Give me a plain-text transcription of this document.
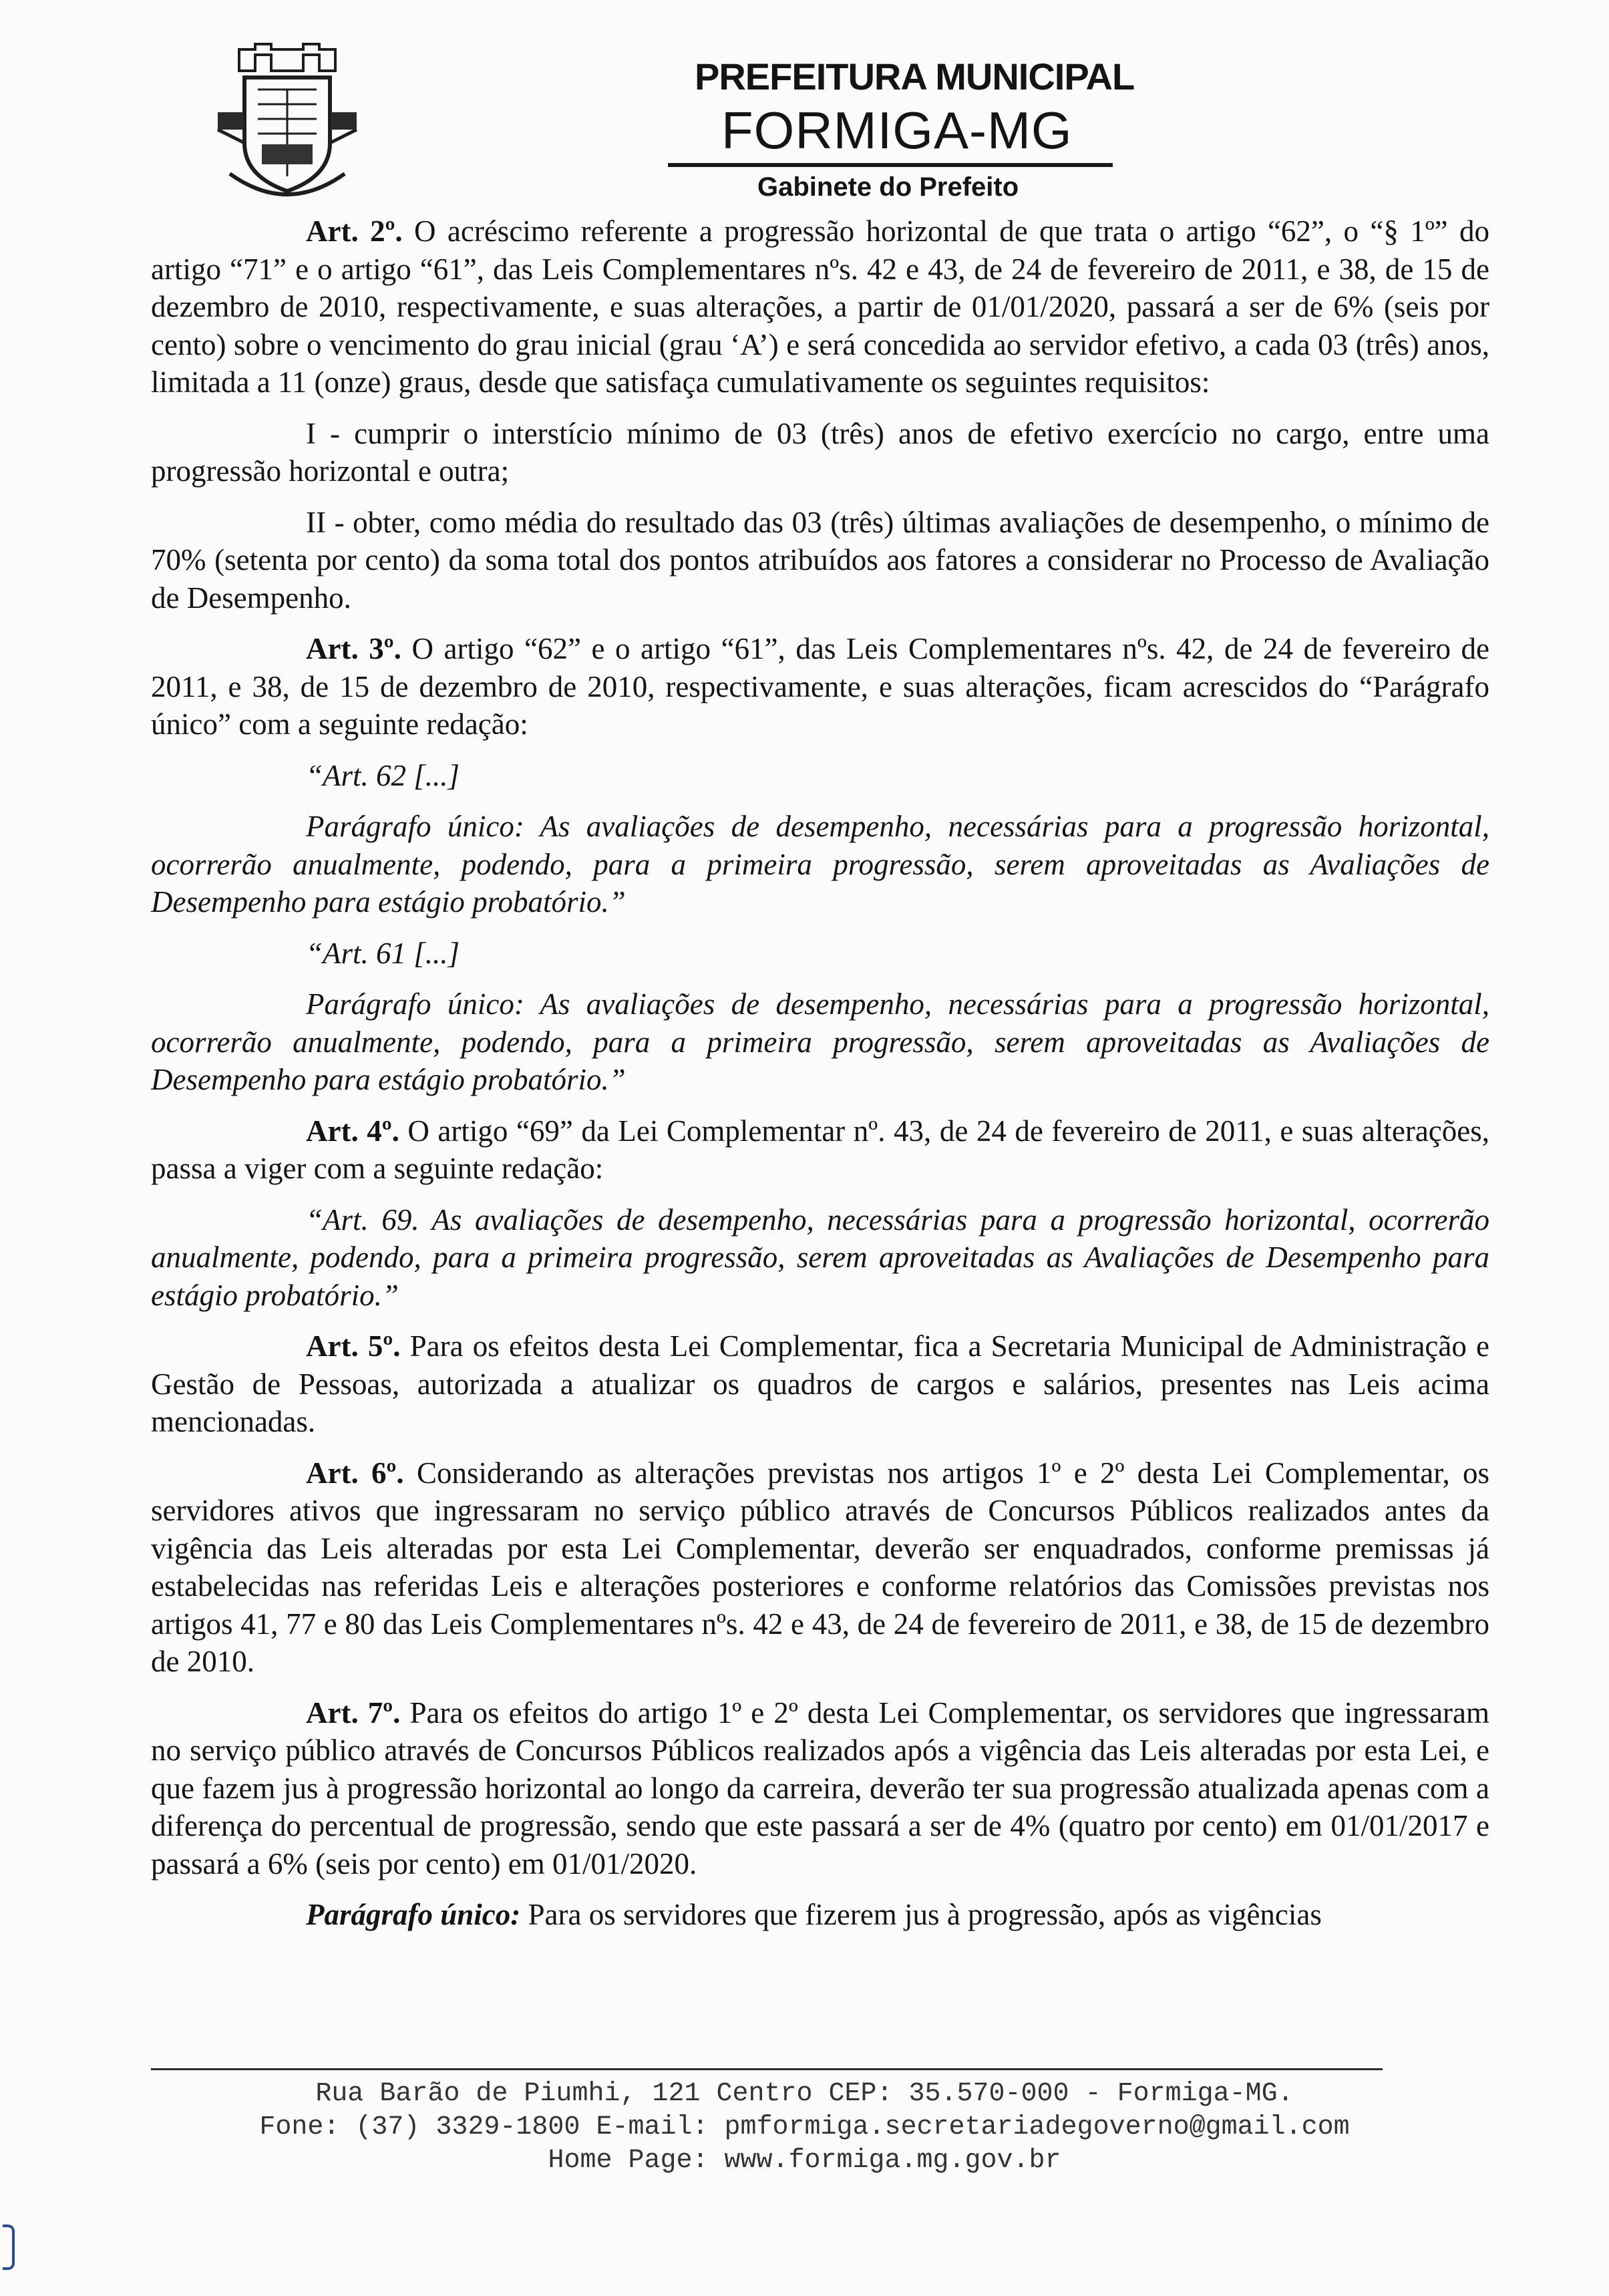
PREFEITURA MUNICIPAL
FORMIGA-MG
Gabinete do Prefeito

Art. 2º. O acréscimo referente a progressão horizontal de que trata o artigo “62”, o “§ 1º” do artigo “71” e o artigo “61”, das Leis Complementares nºs. 42 e 43, de 24 de fevereiro de 2011, e 38, de 15 de dezembro de 2010, respectivamente, e suas alterações, a partir de 01/01/2020, passará a ser de 6% (seis por cento) sobre o vencimento do grau inicial (grau ‘A’) e será concedida ao servidor efetivo, a cada 03 (três) anos, limitada a 11 (onze) graus, desde que satisfaça cumulativamente os seguintes requisitos:

I - cumprir o interstício mínimo de 03 (três) anos de efetivo exercício no cargo, entre uma progressão horizontal e outra;

II - obter, como média do resultado das 03 (três) últimas avaliações de desempenho, o mínimo de 70% (setenta por cento) da soma total dos pontos atribuídos aos fatores a considerar no Processo de Avaliação de Desempenho.

Art. 3º. O artigo “62” e o artigo “61”, das Leis Complementares nºs. 42, de 24 de fevereiro de 2011, e 38, de 15 de dezembro de 2010, respectivamente, e suas alterações, ficam acrescidos do “Parágrafo único” com a seguinte redação:

“Art. 62 [...]

Parágrafo único: As avaliações de desempenho, necessárias para a progressão horizontal, ocorrerão anualmente, podendo, para a primeira progressão, serem aproveitadas as Avaliações de Desempenho para estágio probatório.”

“Art. 61 [...]

Parágrafo único: As avaliações de desempenho, necessárias para a progressão horizontal, ocorrerão anualmente, podendo, para a primeira progressão, serem aproveitadas as Avaliações de Desempenho para estágio probatório.”

Art. 4º. O artigo “69” da Lei Complementar nº. 43, de 24 de fevereiro de 2011, e suas alterações, passa a viger com a seguinte redação:

“Art. 69. As avaliações de desempenho, necessárias para a progressão horizontal, ocorrerão anualmente, podendo, para a primeira progressão, serem aproveitadas as Avaliações de Desempenho para estágio probatório.”

Art. 5º. Para os efeitos desta Lei Complementar, fica a Secretaria Municipal de Administração e Gestão de Pessoas, autorizada a atualizar os quadros de cargos e salários, presentes nas Leis acima mencionadas.

Art. 6º. Considerando as alterações previstas nos artigos 1º e 2º desta Lei Complementar, os servidores ativos que ingressaram no serviço público através de Concursos Públicos realizados antes da vigência das Leis alteradas por esta Lei Complementar, deverão ser enquadrados, conforme premissas já estabelecidas nas referidas Leis e alterações posteriores e conforme relatórios das Comissões previstas nos artigos 41, 77 e 80 das Leis Complementares nºs. 42 e 43, de 24 de fevereiro de 2011, e 38, de 15 de dezembro de 2010.

Art. 7º. Para os efeitos do artigo 1º e 2º desta Lei Complementar, os servidores que ingressaram no serviço público através de Concursos Públicos realizados após a vigência das Leis alteradas por esta Lei, e que fazem jus à progressão horizontal ao longo da carreira, deverão ter sua progressão atualizada apenas com a diferença do percentual de progressão, sendo que este passará a ser de 4% (quatro por cento) em 01/01/2017 e passará a 6% (seis por cento) em 01/01/2020.

Parágrafo único: Para os servidores que fizerem jus à progressão, após as vigências

Rua Barão de Piumhi, 121 Centro CEP: 35.570-000 - Formiga-MG.
Fone: (37) 3329-1800 E-mail: pmformiga.secretariadegoverno@gmail.com
Home Page: www.formiga.mg.gov.br
